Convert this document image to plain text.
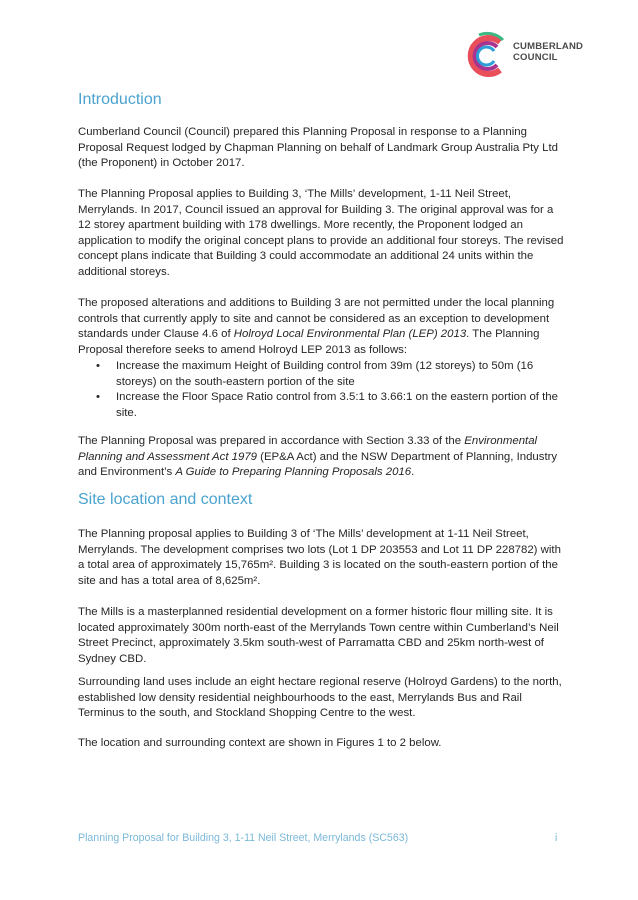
CUMBERLAND
COUNCIL
Introduction

Cumberland Council (Council) prepared this Planning Proposal in response to a Planning Proposal Request lodged by Chapman Planning on behalf of Landmark Group Australia Pty Ltd (the Proponent) in October 2017.

The Planning Proposal applies to Building 3, ‘The Mills’ development, 1-11 Neil Street, Merrylands. In 2017, Council issued an approval for Building 3. The original approval was for a 12 storey apartment building with 178 dwellings. More recently, the Proponent lodged an application to modify the original concept plans to provide an additional four storeys. The revised concept plans indicate that Building 3 could accommodate an additional 24 units within the additional storeys.

The proposed alterations and additions to Building 3 are not permitted under the local planning controls that currently apply to site and cannot be considered as an exception to development standards under Clause 4.6 of Holroyd Local Environmental Plan (LEP) 2013. The Planning Proposal therefore seeks to amend Holroyd LEP 2013 as follows:

• Increase the maximum Height of Building control from 39m (12 storeys) to 50m (16 storeys) on the south-eastern portion of the site
• Increase the Floor Space Ratio control from 3.5:1 to 3.66:1 on the eastern portion of the site.

The Planning Proposal was prepared in accordance with Section 3.33 of the Environmental Planning and Assessment Act 1979 (EP&A Act) and the NSW Department of Planning, Industry and Environment’s A Guide to Preparing Planning Proposals 2016.

Site location and context

The Planning proposal applies to Building 3 of ‘The Mills’ development at 1-11 Neil Street, Merrylands. The development comprises two lots (Lot 1 DP 203553 and Lot 11 DP 228782) with a total area of approximately 15,765m². Building 3 is located on the south-eastern portion of the site and has a total area of 8,625m².

The Mills is a masterplanned residential development on a former historic flour milling site. It is located approximately 300m north-east of the Merrylands Town centre within Cumberland’s Neil Street Precinct, approximately 3.5km south-west of Parramatta CBD and 25km north-west of Sydney CBD.

Surrounding land uses include an eight hectare regional reserve (Holroyd Gardens) to the north, established low density residential neighbourhoods to the east, Merrylands Bus and Rail Terminus to the south, and Stockland Shopping Centre to the west.

The location and surrounding context are shown in Figures 1 to 2 below.

Planning Proposal for Building 3, 1-11 Neil Street, Merrylands (SC563)	i
